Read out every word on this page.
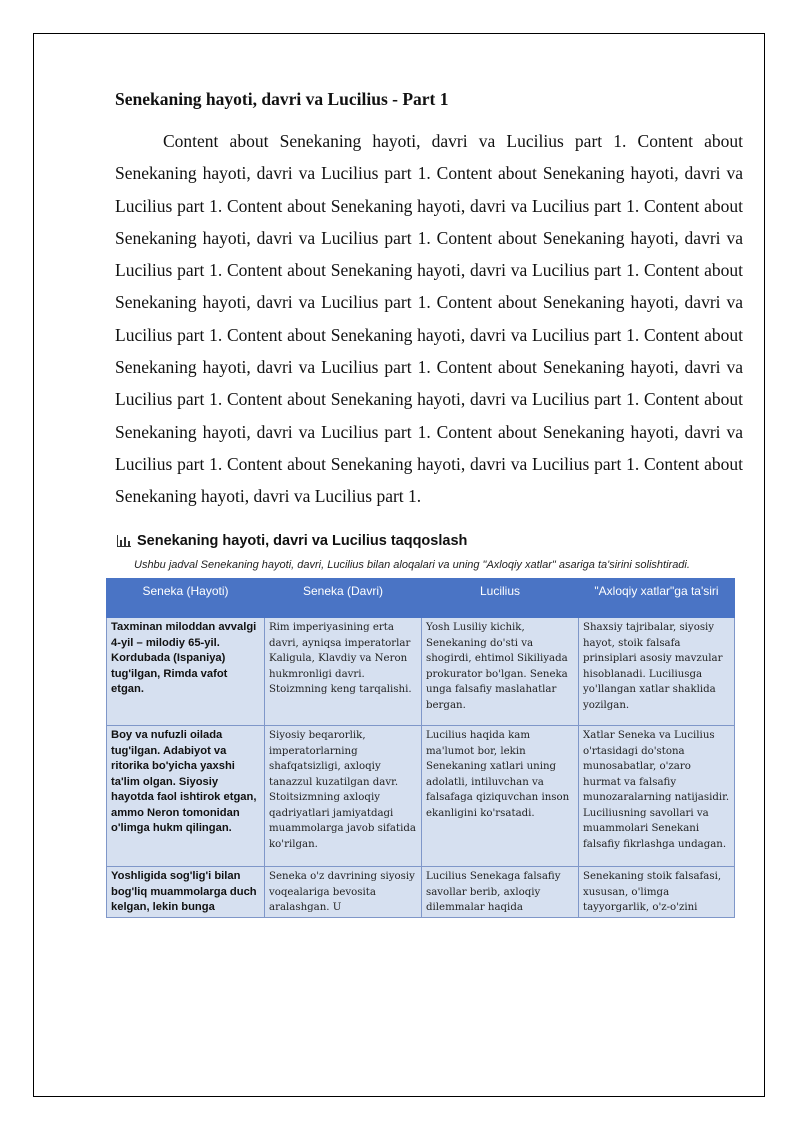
Senekaning hayoti, davri va Lucilius - Part 1

Content about Senekaning hayoti, davri va Lucilius part 1. Content about Senekaning hayoti, davri va Lucilius part 1. Content about Senekaning hayoti, davri va Lucilius part 1. Content about Senekaning hayoti, davri va Lucilius part 1. Content about Senekaning hayoti, davri va Lucilius part 1. Content about Senekaning hayoti, davri va Lucilius part 1. Content about Senekaning hayoti, davri va Lucilius part 1. Content about Senekaning hayoti, davri va Lucilius part 1. Content about Senekaning hayoti, davri va Lucilius part 1. Content about Senekaning hayoti, davri va Lucilius part 1. Content about Senekaning hayoti, davri va Lucilius part 1. Content about Senekaning hayoti, davri va Lucilius part 1. Content about Senekaning hayoti, davri va Lucilius part 1. Content about Senekaning hayoti, davri va Lucilius part 1. Content about Senekaning hayoti, davri va Lucilius part 1. Content about Senekaning hayoti, davri va Lucilius part 1. Content about Senekaning hayoti, davri va Lucilius part 1.

Senekaning hayoti, davri va Lucilius taqqoslash
Ushbu jadval Senekaning hayoti, davri, Lucilius bilan aloqalari va uning "Axloqiy xatlar" asariga ta'sirini solishtiradi.
Seneka (Hayoti)	Seneka (Davri)	Lucilius	"Axloqiy xatlar"ga ta'siri
Taxminan miloddan avvalgi 4-yil – milodiy 65-yil. Kordubada (Ispaniya) tug'ilgan, Rimda vafot etgan.	Rim imperiyasining erta davri, ayniqsa imperatorlar Kaligula, Klavdiy va Neron hukmronligi davri. Stoizmning keng tarqalishi.	Yosh Lusiliy kichik, Senekaning do'sti va shogirdi, ehtimol Sikiliyada prokurator bo'lgan. Seneka unga falsafiy maslahatlar bergan.	Shaxsiy tajribalar, siyosiy hayot, stoik falsafa prinsiplari asosiy mavzular hisoblanadi. Luciliusga yo'llangan xatlar shaklida yozilgan.
Boy va nufuzli oilada tug'ilgan. Adabiyot va ritorika bo'yicha yaxshi ta'lim olgan. Siyosiy hayotda faol ishtirok etgan, ammo Neron tomonidan o'limga hukm qilingan.	Siyosiy beqarorlik, imperatorlarning shafqatsizligi, axloqiy tanazzul kuzatilgan davr. Stoitsizmning axloqiy qadriyatlari jamiyatdagi muammolarga javob sifatida ko'rilgan.	Lucilius haqida kam ma'lumot bor, lekin Senekaning xatlari uning adolatli, intiluvchan va falsafaga qiziquvchan inson ekanligini ko'rsatadi.	Xatlar Seneka va Lucilius o'rtasidagi do'stona munosabatlar, o'zaro hurmat va falsafiy munozaralarning natijasidir. Luciliusning savollari va muammolari Senekani falsafiy fikrlashga undagan.

Yoshligida sog'lig'i bilan bog'liq muammolarga duch kelgan, lekin bunga	Seneka o'z davrining siyosiy voqealariga bevosita aralashgan. U	Lucilius Senekaga falsafiy savollar berib, axloqiy dilemmalar haqida	Senekaning stoik falsafasi, xususan, o'limga tayyorgarlik, o'z-o'zini
